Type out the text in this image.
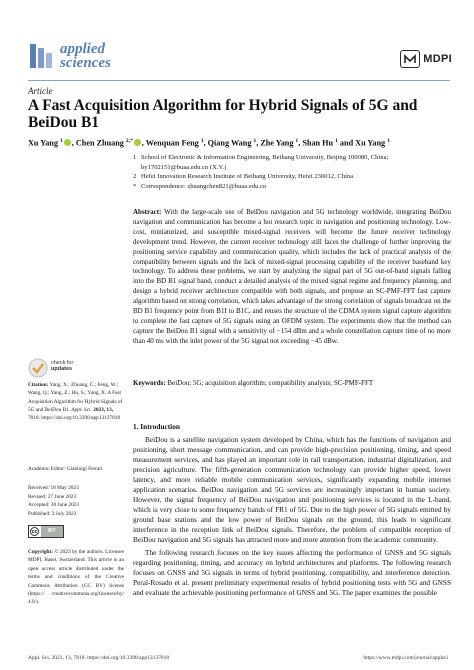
applied
sciences	MDPI
Article
A Fast Acquisition Algorithm for Hybrid Signals of 5G and BeiDou B1
Xu Yang $^1$ , Chen Zhuang $^{2,*}$ , Wenquan Feng $^1$, Qiang Wang $^1$, Zhe Yang $^1$, Shan Hu $^1$ and Xu Yang $^1$
1 School of Electronic & Information Engineering, Beihang University, Beijing 100080, China; by1702151@buaa.edu.cn (X.Y.)
2 Hefei Innovation Research Institute of Beihang University, Hefei 230012, China
* Correspondence: zhuangchen821@buaa.edu.cn
Abstract: With the large-scale use of BeiDou navigation and 5G technology worldwide, integrating BeiDou navigation and communication has become a hot research topic in navigation and positioning technology. Low-cost, miniaturized, and susceptible mixed-signal receivers will become the future receiver technology development trend. However, the current receiver technology still faces the challenge of further improving the positioning service capability and communication quality, which includes the lack of practical analysis of the compatibility between signals and the lack of mixed-signal processing capability of the receiver baseband key technology. To address these problems, we start by analyzing the signal part of 5G out-of-band signals falling into the BD B1 signal band, conduct a detailed analysis of the mixed signal regime and frequency planning, and design a hybrid receiver architecture compatible with both signals, and propose an SC-PMF-FFT fast capture algorithm based on strong correlation, which takes advantage of the strong correlation of signals broadcast on the BD B1 frequency point from B1I to B1C, and reuses the structure of the CDMA system signal capture algorithm to complete the fast capture of 5G signals using an OFDM system. The experiments show that the method can capture the BeiDou B1 signal with a sensitivity of −154 dBm and a whole constellation capture time of no more than 40 ms with the inlet power of the 5G signal not exceeding −45 dBw.
Keywords: BeiDou; 5G; acquisition algorithm; compatibility analysis; SC-PMF-FFT
check for
updates
Citation: Yang, X.; Zhuang, C.; Feng, W.; Wang, Q.; Yang, Z.; Hu, S.; Yang, X. A Fast Acquisition Algorithm for Hybrid Signals of 5G and BeiDou B1. Appl. Sci. 2023, 13, 7818. https://doi.org/10.3390/app13137818
Academic Editor: Gianluigi Ferrari
Received: 18 May 2023
Revised: 27 June 2023
Accepted: 30 June 2023
Published: 3 July 2023
cc	BY
Copyright: © 2023 by the authors. Licensee MDPI, Basel, Switzerland. This article is an open access article distributed under the terms and conditions of the Creative Commons Attribution (CC BY) license (https:// creativecommons.org/licenses/by/ 4.0/).
1. Introduction

BeiDou is a satellite navigation system developed by China, which has the functions of navigation and positioning, short message communication, and can provide high-precision positioning, timing, and speed measurement services, and has played an important role in rail transportation, industrial digitalization, and precision agriculture. The fifth-generation communication technology can provide higher speed, lower latency, and more reliable mobile communication services, significantly expanding mobile internet application scenarios. BeiDou navigation and 5G services are increasingly important in human society. However, the signal frequency of BeiDou navigation and positioning services is located in the L-band, which is very close to some frequency bands of FR1 of 5G. Due to the high power of 5G signals emitted by ground base stations and the low power of BeiDou signals on the ground, this leads to significant interference in the reception link of BeiDou signals. Therefore, the problem of compatible reception of BeiDou navigation and 5G signals has attracted more and more attention from the academic community.

The following research focuses on the key issues affecting the performance of GNSS and 5G signals regarding positioning, timing, and accuracy on hybrid architectures and platforms. The following research focuses on GNSS and 5G signals in terms of hybrid positioning, compatibility, and interference detection. Peral-Rosado et al. present preliminary experimental results of hybrid positioning tests with 5G and GNSS and evaluate the achievable positioning performance of GNSS and 5G. The paper examines the possible

Appl. Sci. 2023, 13, 7818. https://doi.org/10.3390/app13137818	https://www.mdpi.com/journal/applsci
